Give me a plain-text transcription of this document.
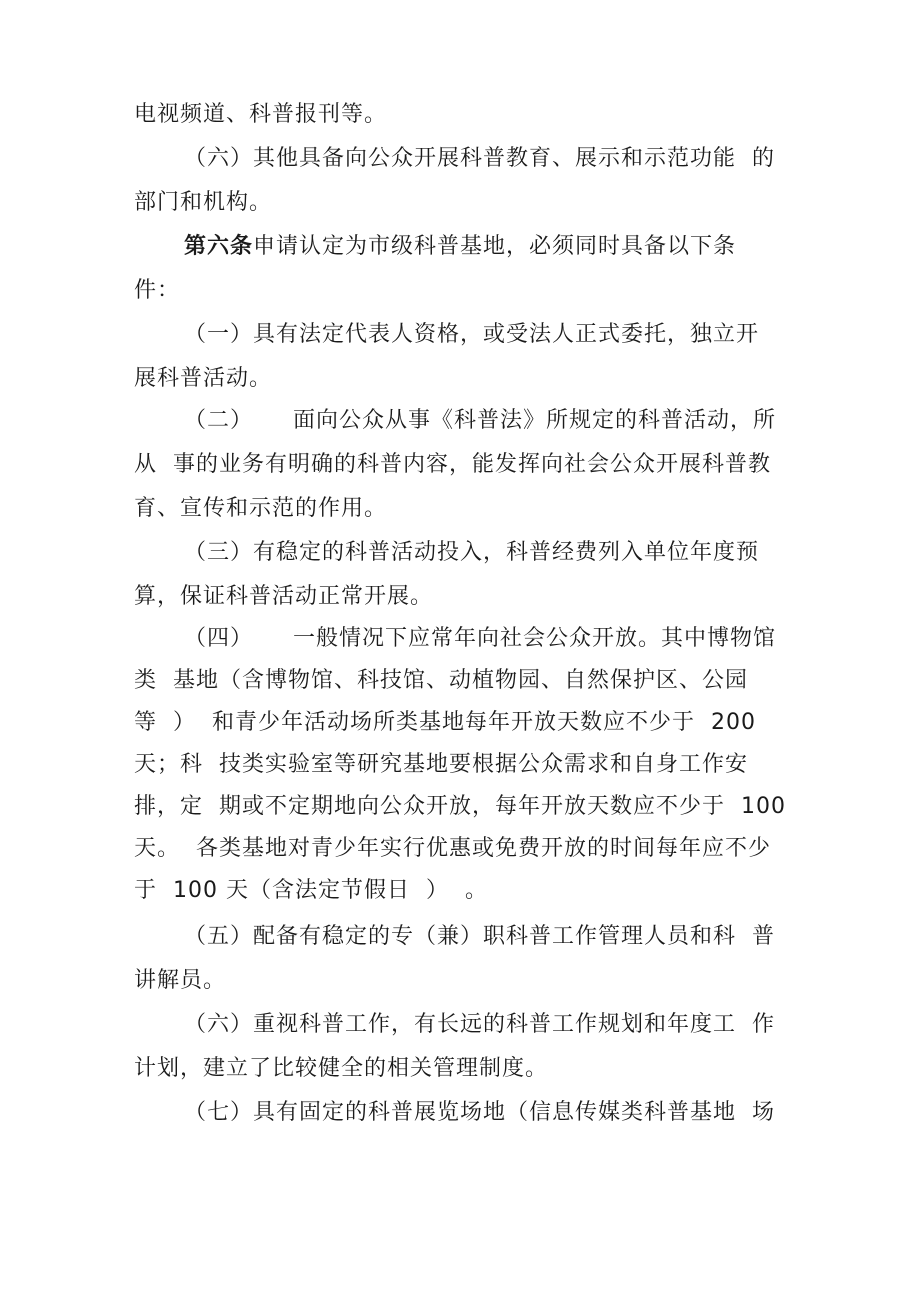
电视频道、科普报刊等。
（六）其他具备向公众开展科普教育、展示和示范功能  的
部门和机构。
第六条申请认定为市级科普基地，必须同时具备以下条
件：
（一）具有法定代表人资格，或受法人正式委托，独立开
展科普活动。
（二）     面向公众从事《科普法》所规定的科普活动，所
从  事的业务有明确的科普内容，能发挥向社会公众开展科普教
育、宣传和示范的作用。
（三）有稳定的科普活动投入，科普经费列入单位年度预
算，保证科普活动正常开展。
（四）     一般情况下应常年向社会公众开放。其中博物馆
类  基地（含博物馆、科技馆、动植物园、自然保护区、公园
等  ）  和青少年活动场所类基地每年开放天数应不少于  200
天；科  技类实验室等研究基地要根据公众需求和自身工作安
排，定  期或不定期地向公众开放，每年开放天数应不少于  100
天。  各类基地对青少年实行优惠或免费开放的时间每年应不少
于  100 天（含法定节假日  ）  。
（五）配备有稳定的专（兼）职科普工作管理人员和科  普
讲解员。
（六）重视科普工作，有长远的科普工作规划和年度工  作
计划，建立了比较健全的相关管理制度。
（七）具有固定的科普展览场地（信息传媒类科普基地  场
